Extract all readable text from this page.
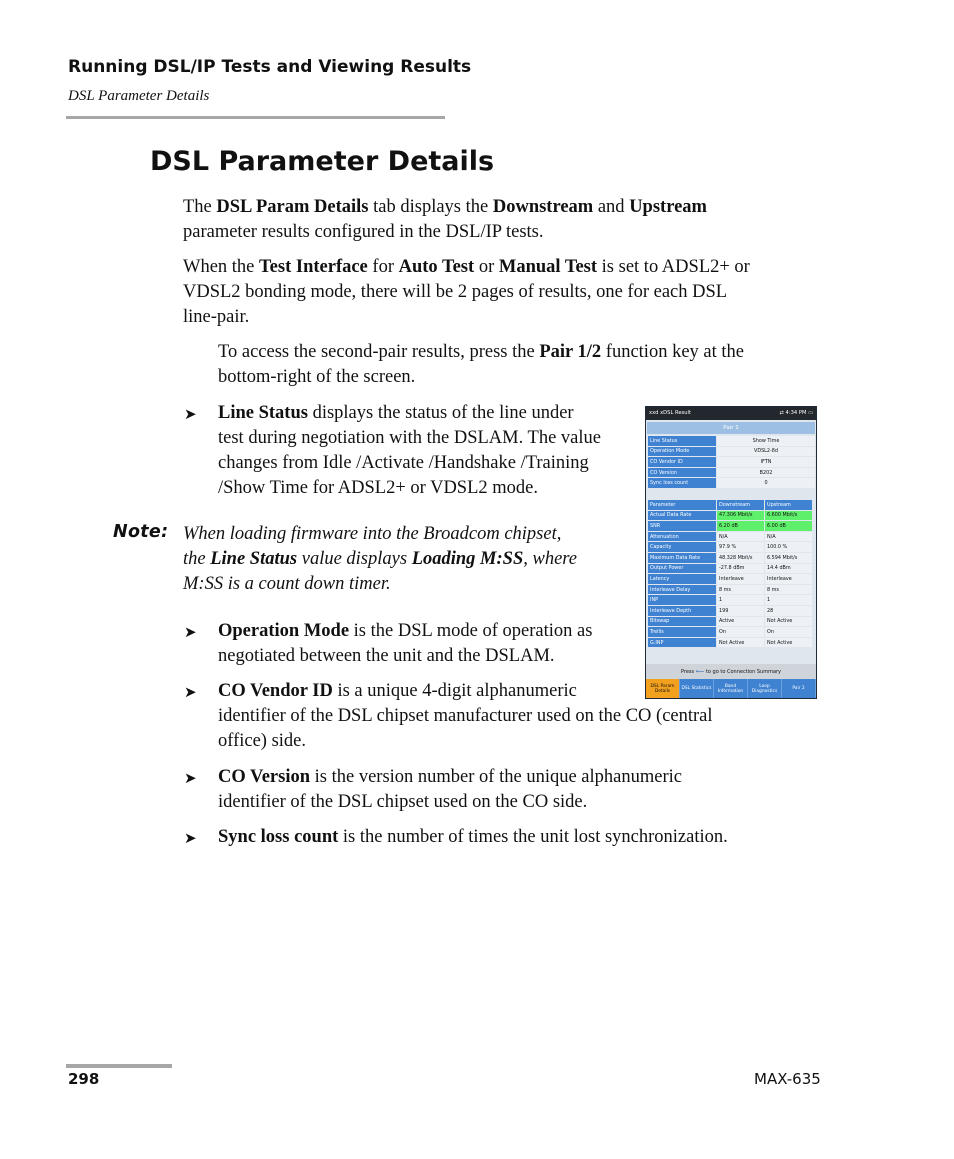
Running DSL/IP Tests and Viewing Results
DSL Parameter Details
DSL Parameter Details
The DSL Param Details tab displays the Downstream and Upstream
parameter results configured in the DSL/IP tests.
When the Test Interface for Auto Test or Manual Test is set to ADSL2+ or
VDSL2 bonding mode, there will be 2 pages of results, one for each DSL
line-pair.
To access the second-pair results, press the Pair 1/2 function key at the
bottom-right of the screen.
➤ Line Status displays the status of the line under
test during negotiation with the DSLAM. The value
changes from Idle /Activate /Handshake /Training
/Show Time for ADSL2+ or VDSL2 mode.
Note: When loading firmware into the Broadcom chipset,
the Line Status value displays Loading M:SS, where
M:SS is a count down timer.
➤ Operation Mode is the DSL mode of operation as
negotiated between the unit and the DSLAM.
➤ CO Vendor ID is a unique 4-digit alphanumeric
identifier of the DSL chipset manufacturer used on the CO (central
office) side.
➤ CO Version is the version number of the unique alphanumeric
identifier of the DSL chipset used on the CO side.
➤ Sync loss count is the number of times the unit lost synchronization.
xxd xDSL Result	⇄ 4:34 PM ▭
Pair 1
Line Status	Show Time
Operation Mode	VDSL2-8d
CO Vendor ID	IFTN
CO Version	B202
Sync loss count	0
Parameter	Downstream	Upstream
Actual Data Rate	47.306 Mbit/s	6.600 Mbit/s
SNR	6.20 dB	6.00 dB
Attenuation	N/A	N/A
Capacity	97.9 %	100.0 %
Maximum Data Rate	48.328 Mbit/s	6.594 Mbit/s
Output Power	-27.8 dBm	14.4 dBm
Latency	Interleave	Interleave
Interleave Delay	8 ms	8 ms
INP	1	1
Interleave Depth	199	28
Bitswap	Active	Not Active
Trellis	On	On
G.INP	Not Active	Not Active
Press ⟵ to go to Connection Summary
DSL Param Details	DSL Statistics	Band Information
Loop Diagnostics	Pair 2
298	MAX-635
